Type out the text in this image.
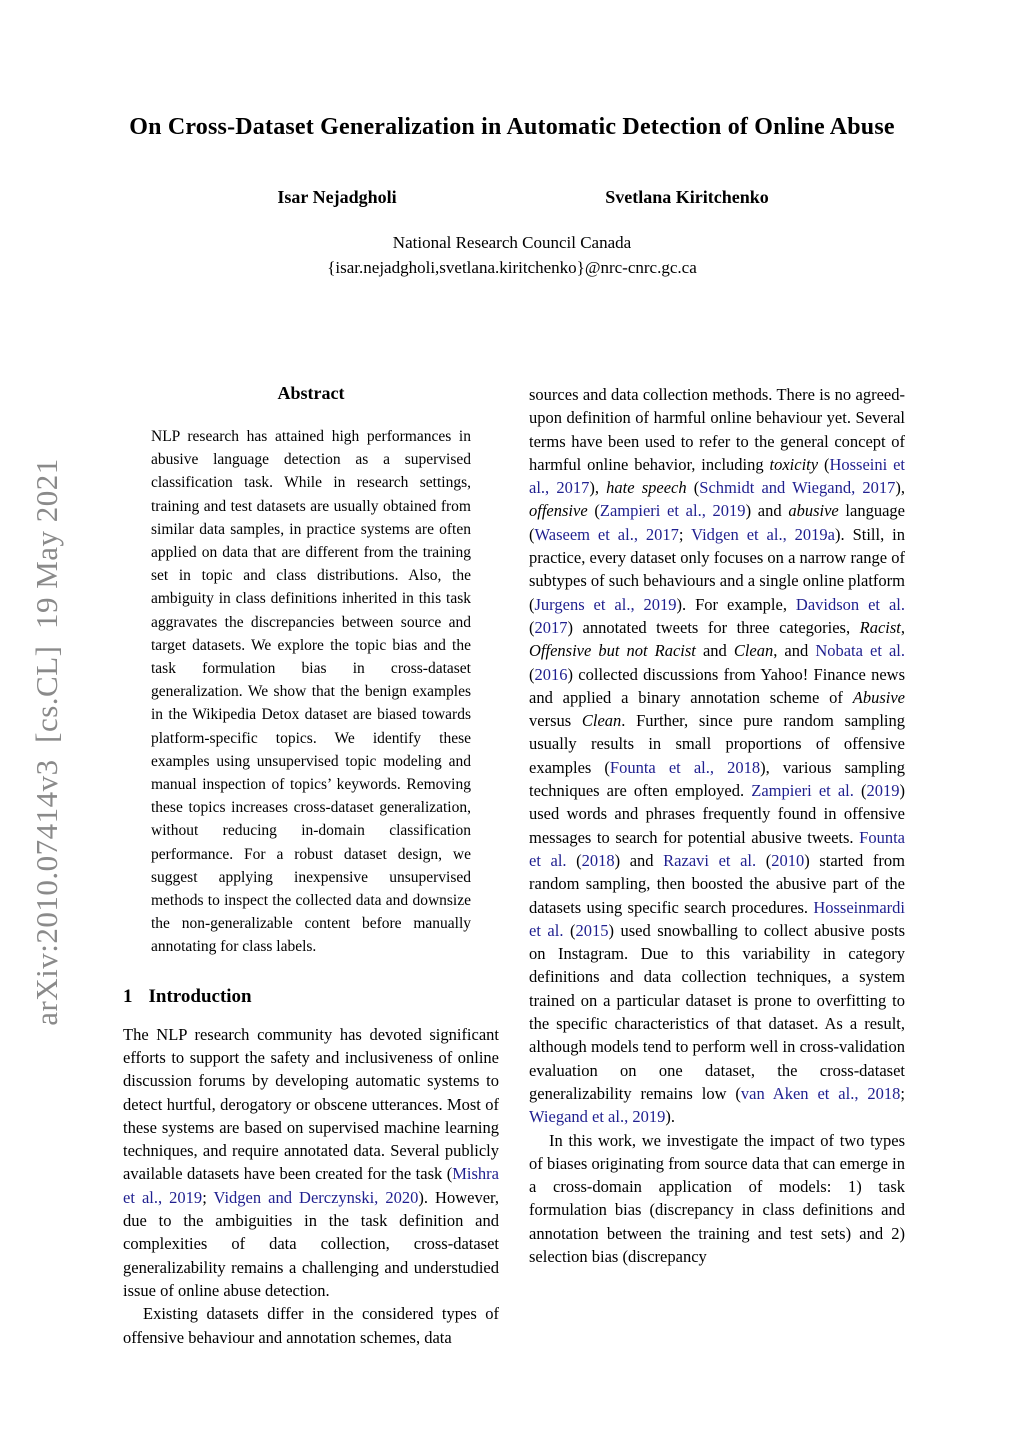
arXiv:2010.07414v3  [cs.CL]  19 May 2021
On Cross-Dataset Generalization in Automatic Detection of Online Abuse
Isar Nejadgholi	Svetlana Kiritchenko
National Research Council Canada
{isar.nejadgholi,svetlana.kiritchenko}@nrc-cnrc.gc.ca
Abstract

NLP research has attained high performances in abusive language detection as a supervised classification task. While in research settings, training and test datasets are usually obtained from similar data samples, in practice systems are often applied on data that are different from the training set in topic and class distributions. Also, the ambiguity in class definitions inherited in this task aggravates the discrepancies between source and target datasets. We explore the topic bias and the task formulation bias in cross-dataset generalization. We show that the benign examples in the Wikipedia Detox dataset are biased towards platform-specific topics. We identify these examples using unsupervised topic modeling and manual inspection of topics’ keywords. Removing these topics increases cross-dataset generalization, without reducing in-domain classification performance. For a robust dataset design, we suggest applying inexpensive unsupervised methods to inspect the collected data and downsize the non-generalizable content before manually annotating for class labels.

1 Introduction

The NLP research community has devoted significant efforts to support the safety and inclusiveness of online discussion forums by developing automatic systems to detect hurtful, derogatory or obscene utterances. Most of these systems are based on supervised machine learning techniques, and require annotated data. Several publicly available datasets have been created for the task (Mishra et al., 2019; Vidgen and Derczynski, 2020). However, due to the ambiguities in the task definition and complexities of data collection, cross-dataset generalizability remains a challenging and understudied issue of online abuse detection.

Existing datasets differ in the considered types of offensive behaviour and annotation schemes, data

sources and data collection methods. There is no agreed-upon definition of harmful online behaviour yet. Several terms have been used to refer to the general concept of harmful online behavior, including toxicity (Hosseini et al., 2017), hate speech (Schmidt and Wiegand, 2017), offensive (Zampieri et al., 2019) and abusive language (Waseem et al., 2017; Vidgen et al., 2019a). Still, in practice, every dataset only focuses on a narrow range of subtypes of such behaviours and a single online platform (Jurgens et al., 2019). For example, Davidson et al. (2017) annotated tweets for three categories, Racist, Offensive but not Racist and Clean, and Nobata et al. (2016) collected discussions from Yahoo! Finance news and applied a binary annotation scheme of Abusive versus Clean. Further, since pure random sampling usually results in small proportions of offensive examples (Founta et al., 2018), various sampling techniques are often employed. Zampieri et al. (2019) used words and phrases frequently found in offensive messages to search for potential abusive tweets. Founta et al. (2018) and Razavi et al. (2010) started from random sampling, then boosted the abusive part of the datasets using specific search procedures. Hosseinmardi et al. (2015) used snowballing to collect abusive posts on Instagram. Due to this variability in category definitions and data collection techniques, a system trained on a particular dataset is prone to overfitting to the specific characteristics of that dataset. As a result, although models tend to perform well in cross-validation evaluation on one dataset, the cross-dataset generalizability remains low (van Aken et al., 2018; Wiegand et al., 2019).

In this work, we investigate the impact of two types of biases originating from source data that can emerge in a cross-domain application of models: 1) task formulation bias (discrepancy in class definitions and annotation between the training and test sets) and 2) selection bias (discrepancy
